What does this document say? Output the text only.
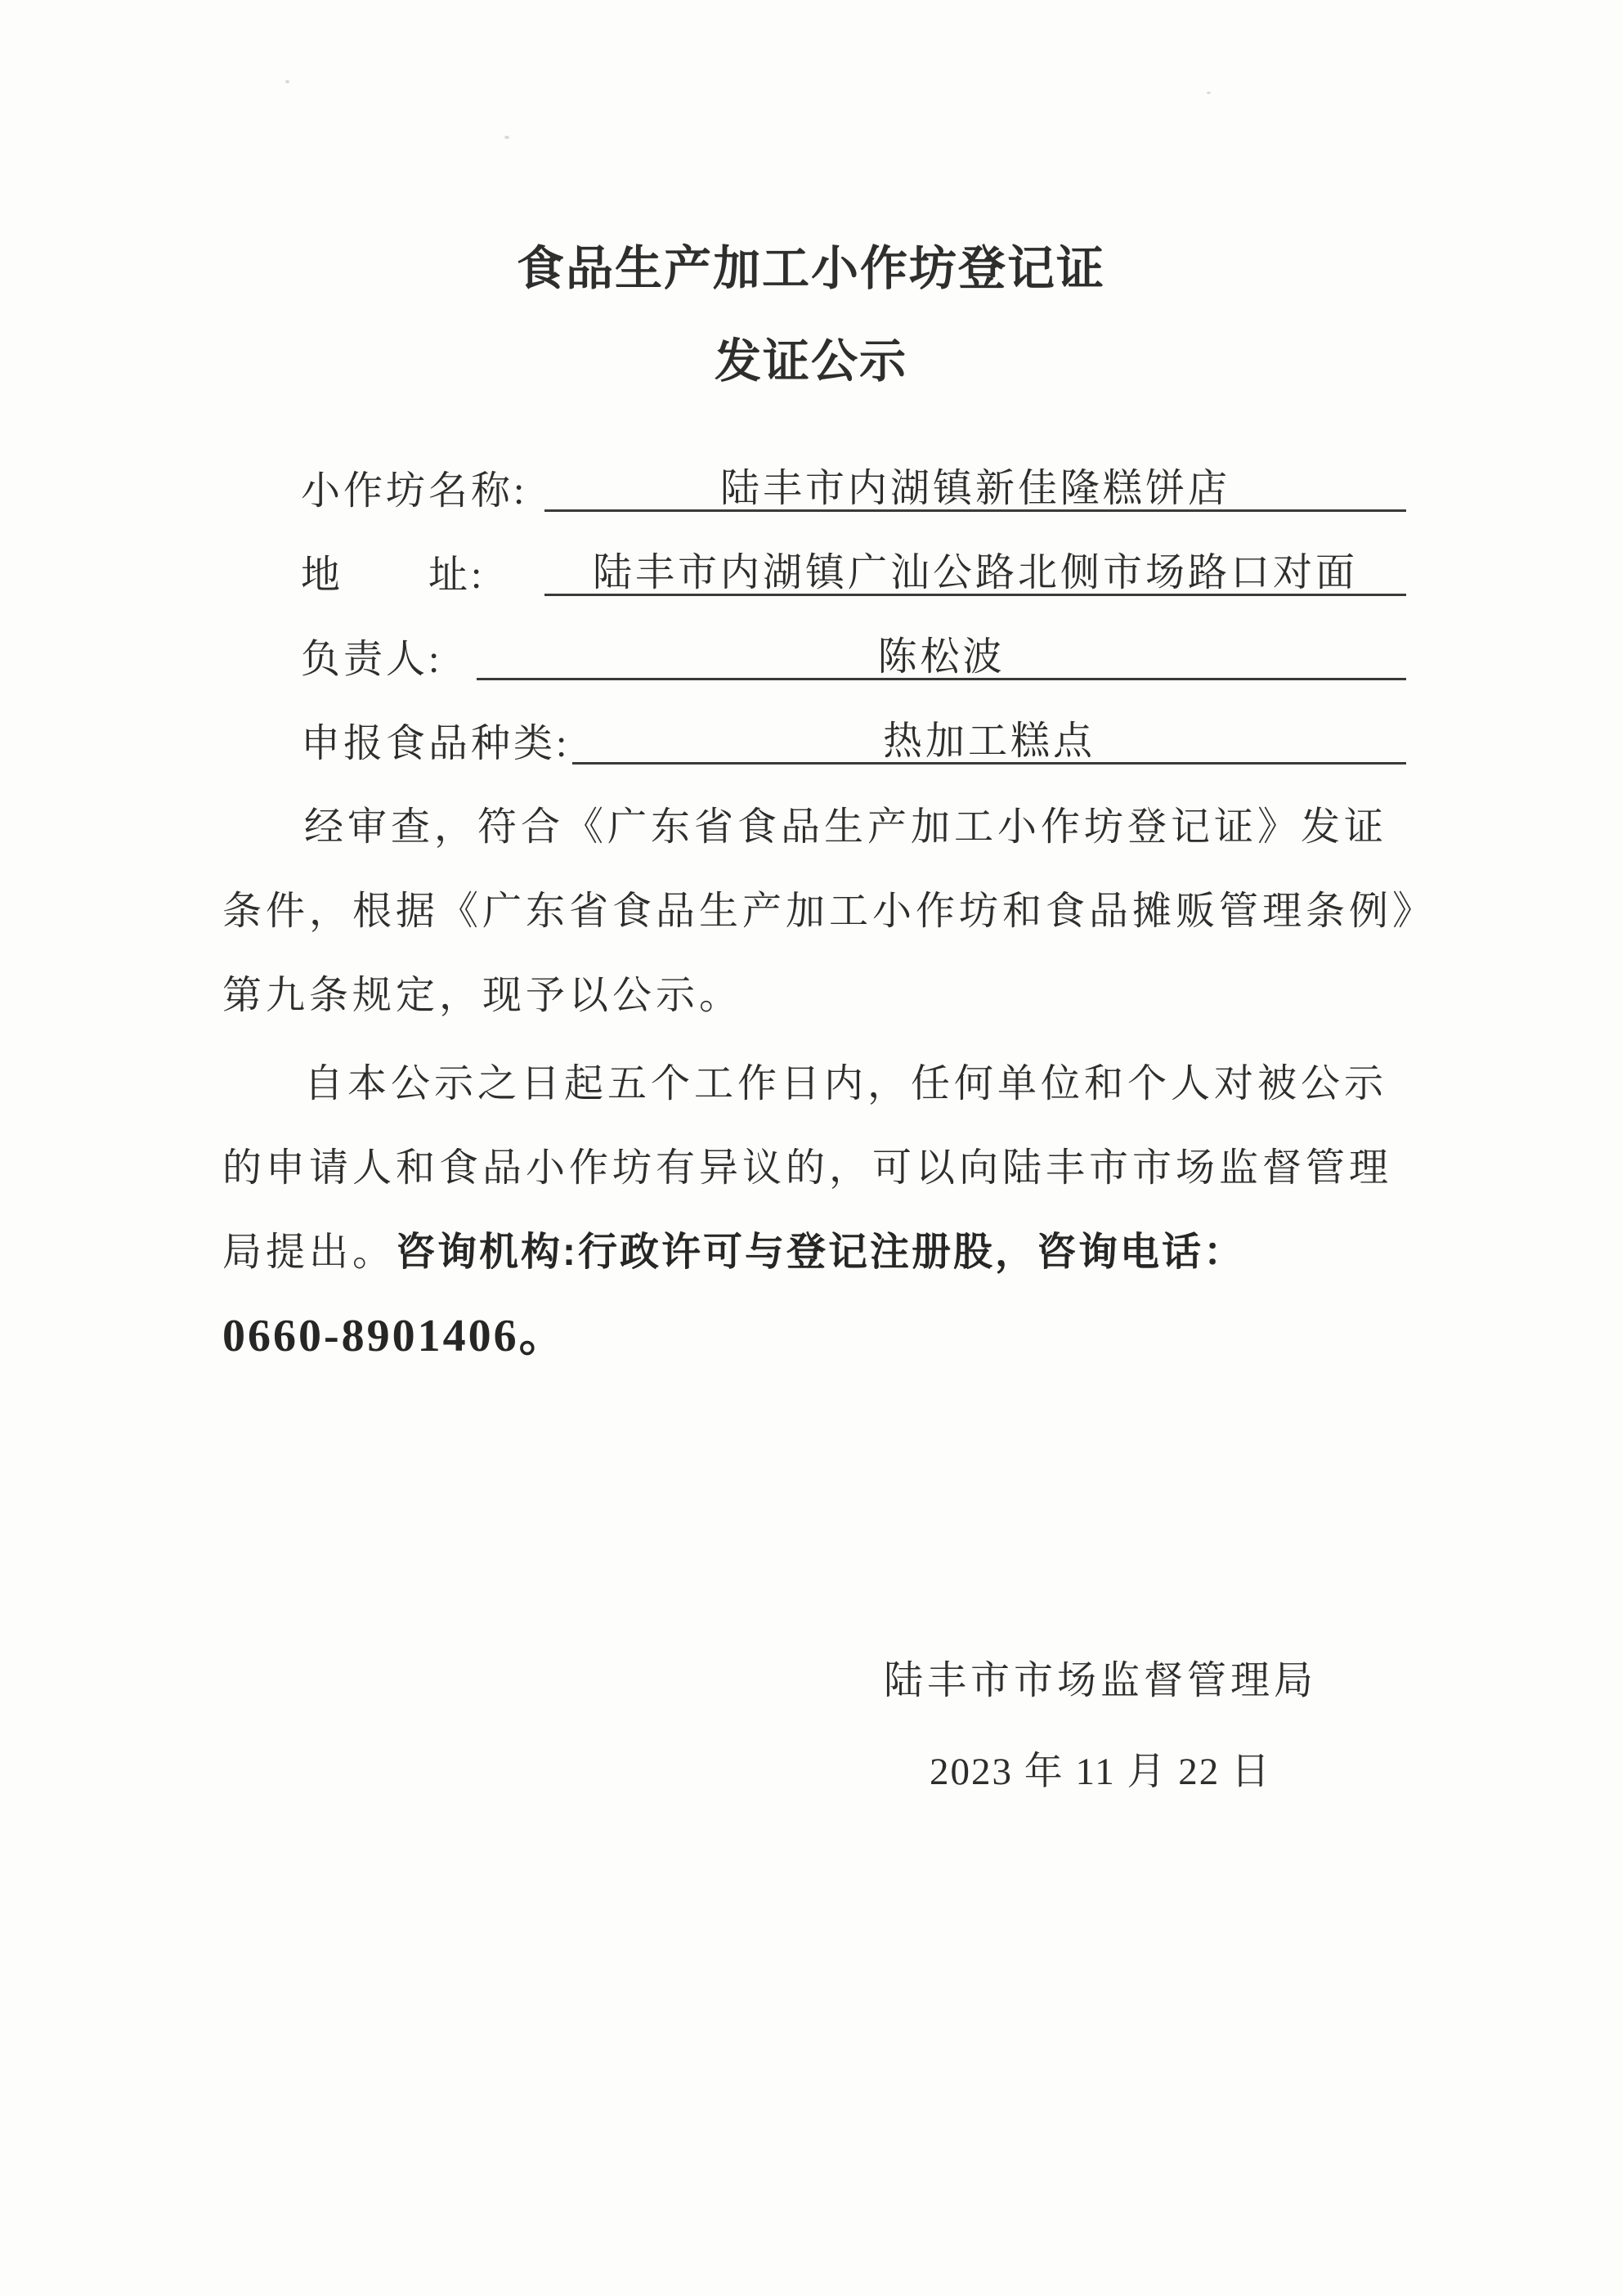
食品生产加工小作坊登记证
发证公示
小作坊名称:	陆丰市内湖镇新佳隆糕饼店
地　　址:	陆丰市内湖镇广汕公路北侧市场路口对面
负责人:	陈松波
申报食品种类:	热加工糕点
经审查，符合《广东省食品生产加工小作坊登记证》发证
条件，根据《广东省食品生产加工小作坊和食品摊贩管理条例》
第九条规定，现予以公示。
自本公示之日起五个工作日内，任何单位和个人对被公示
的申请人和食品小作坊有异议的，可以向陆丰市市场监督管理
局提出。咨询机构:行政许可与登记注册股，咨询电话：
0660-8901406。
陆丰市市场监督管理局
2023 年 11 月 22 日
